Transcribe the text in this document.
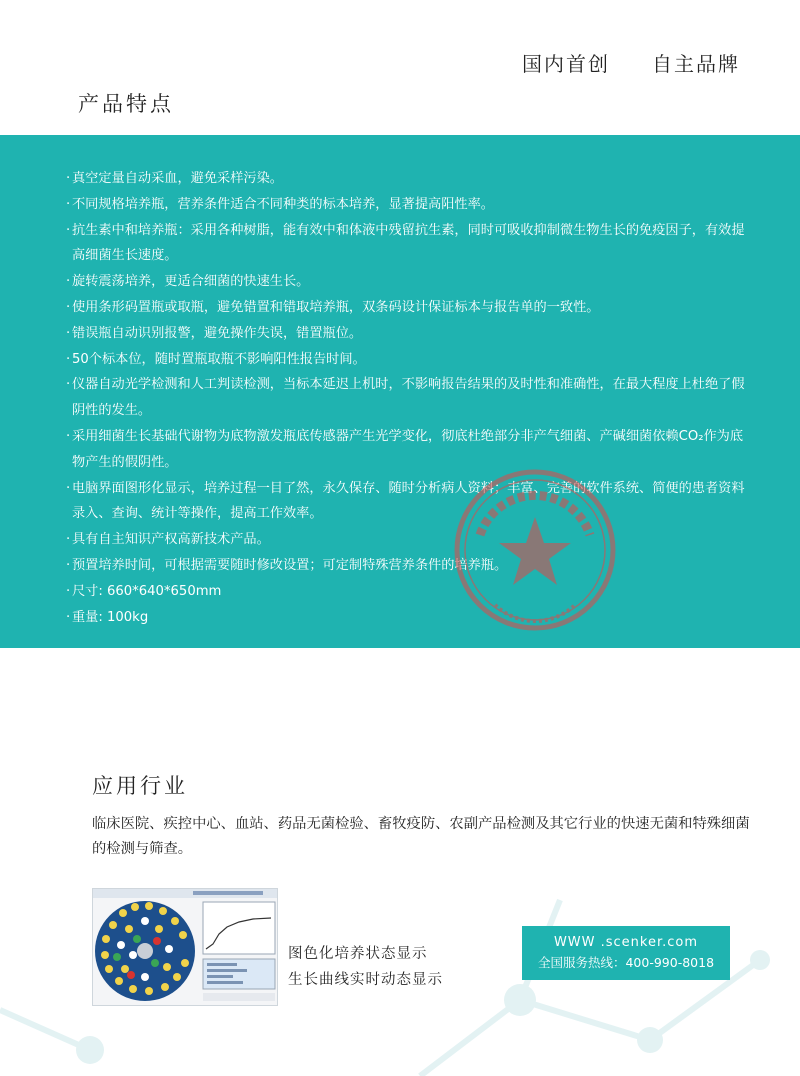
国内首创 自主品牌
产品特点
· 真空定量自动采血，避免采样污染。
· 不同规格培养瓶，营养条件适合不同种类的标本培养，显著提高阳性率。
· 抗生素中和培养瓶：采用各种树脂，能有效中和体液中残留抗生素，同时可吸收抑制微生物生长的免疫因子，有效提高细菌生长速度。
· 旋转震荡培养，更适合细菌的快速生长。
· 使用条形码置瓶或取瓶，避免错置和错取培养瓶，双条码设计保证标本与报告单的一致性。
· 错误瓶自动识别报警，避免操作失误，错置瓶位。
· 50个标本位，随时置瓶取瓶不影响阳性报告时间。
· 仪器自动光学检测和人工判读检测，当标本延迟上机时，不影响报告结果的及时性和准确性，在最大程度上杜绝了假阴性的发生。
· 采用细菌生长基础代谢物为底物激发瓶底传感器产生光学变化，彻底杜绝部分非产气细菌、产碱细菌依赖CO₂作为底物产生的假阴性。
· 电脑界面图形化显示，培养过程一目了然，永久保存、随时分析病人资料；丰富、完善的软件系统、简便的患者资料录入、查询、统计等操作，提高工作效率。
· 具有自主知识产权高新技术产品。
· 预置培养时间，可根据需要随时修改设置；可定制特殊营养条件的培养瓶。
· 尺寸: 660*640*650mm
· 重量: 100kg
应用行业

临床医院、疾控中心、血站、药品无菌检验、畜牧疫防、农副产品检测及其它行业的快速无菌和特殊细菌的检测与筛查。

图色化培养状态显示
生长曲线实时动态显示
WWW .scenker.com
全国服务热线：400-990-8018
